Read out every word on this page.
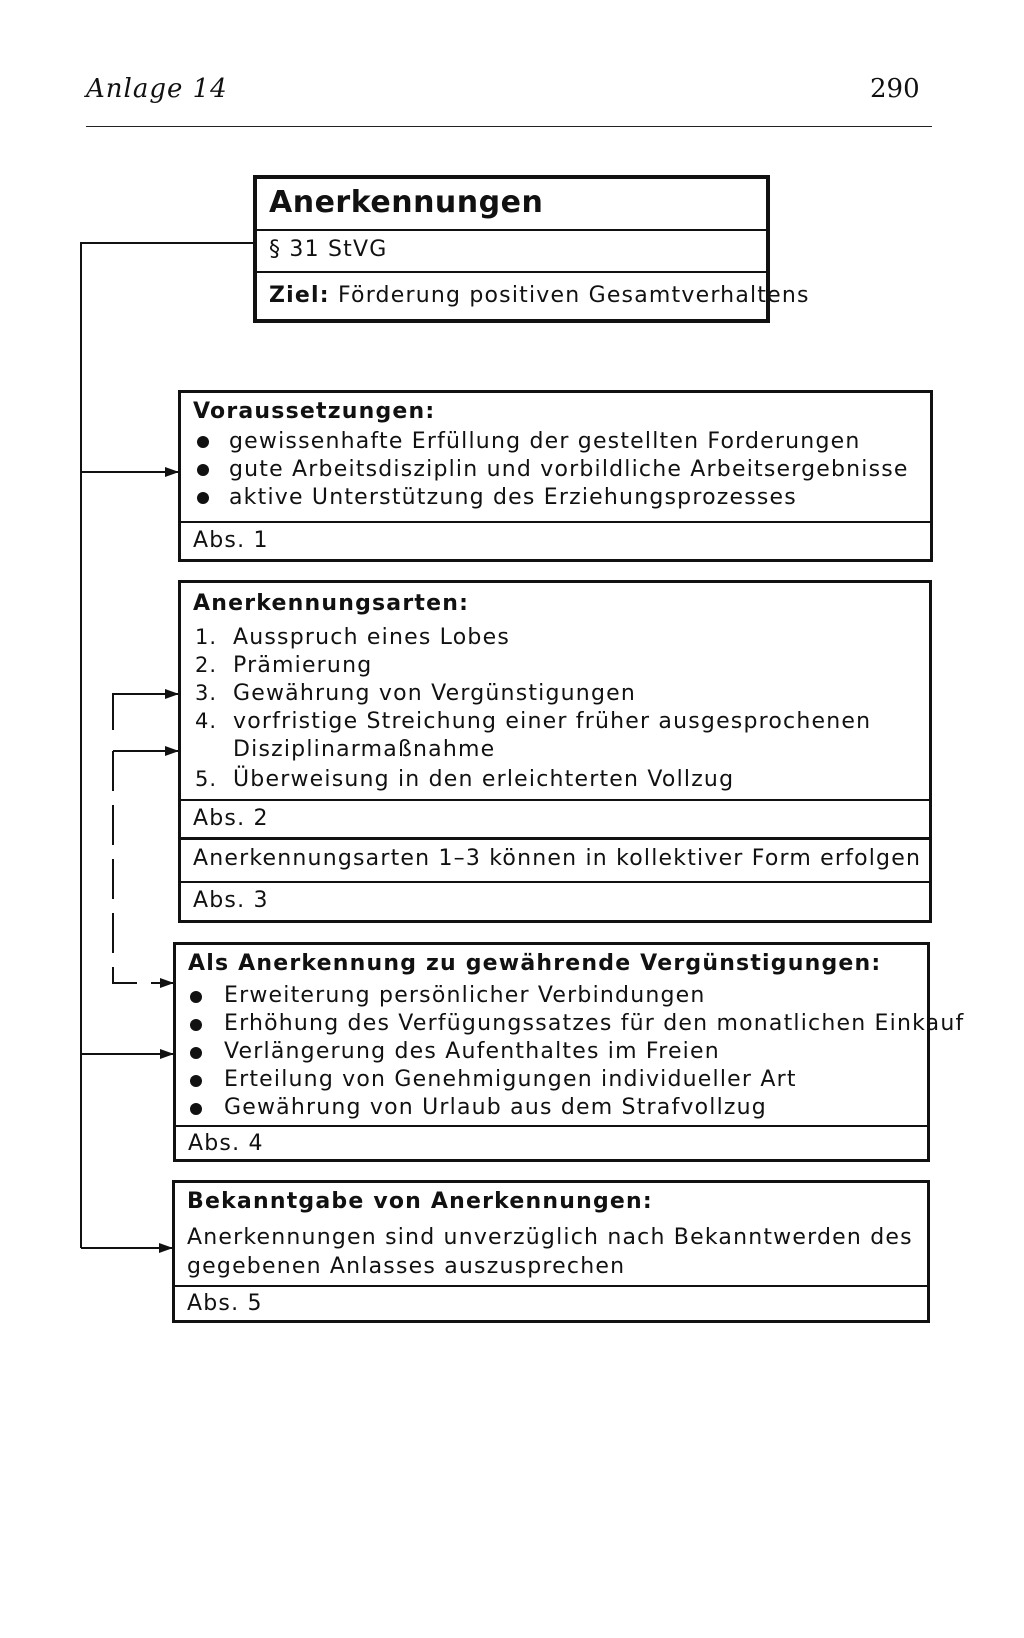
Anlage 14	290
Anerkennungen
§ 31 StVG
Ziel: Förderung positiven Gesamtverhaltens
Voraussetzungen:
gewissenhafte Erfüllung der gestellten Forderungen
gute Arbeitsdisziplin und vorbildliche Arbeitsergebnisse
aktive Unterstützung des Erziehungsprozesses
Abs. 1
Anerkennungsarten:
1. Ausspruch eines Lobes
2. Prämierung
3. Gewährung von Vergünstigungen
4. vorfristige Streichung einer früher ausgesprochenen
Disziplinarmaßnahme
5. Überweisung in den erleichterten Vollzug
Abs. 2
Anerkennungsarten 1–3 können in kollektiver Form erfolgen
Abs. 3
Als Anerkennung zu gewährende Vergünstigungen:
Erweiterung persönlicher Verbindungen
Erhöhung des Verfügungssatzes für den monatlichen Einkauf
Verlängerung des Aufenthaltes im Freien
Erteilung von Genehmigungen individueller Art
Gewährung von Urlaub aus dem Strafvollzug
Abs. 4
Bekanntgabe von Anerkennungen:
Anerkennungen sind unverzüglich nach Bekanntwerden des
gegebenen Anlasses auszusprechen
Abs. 5
